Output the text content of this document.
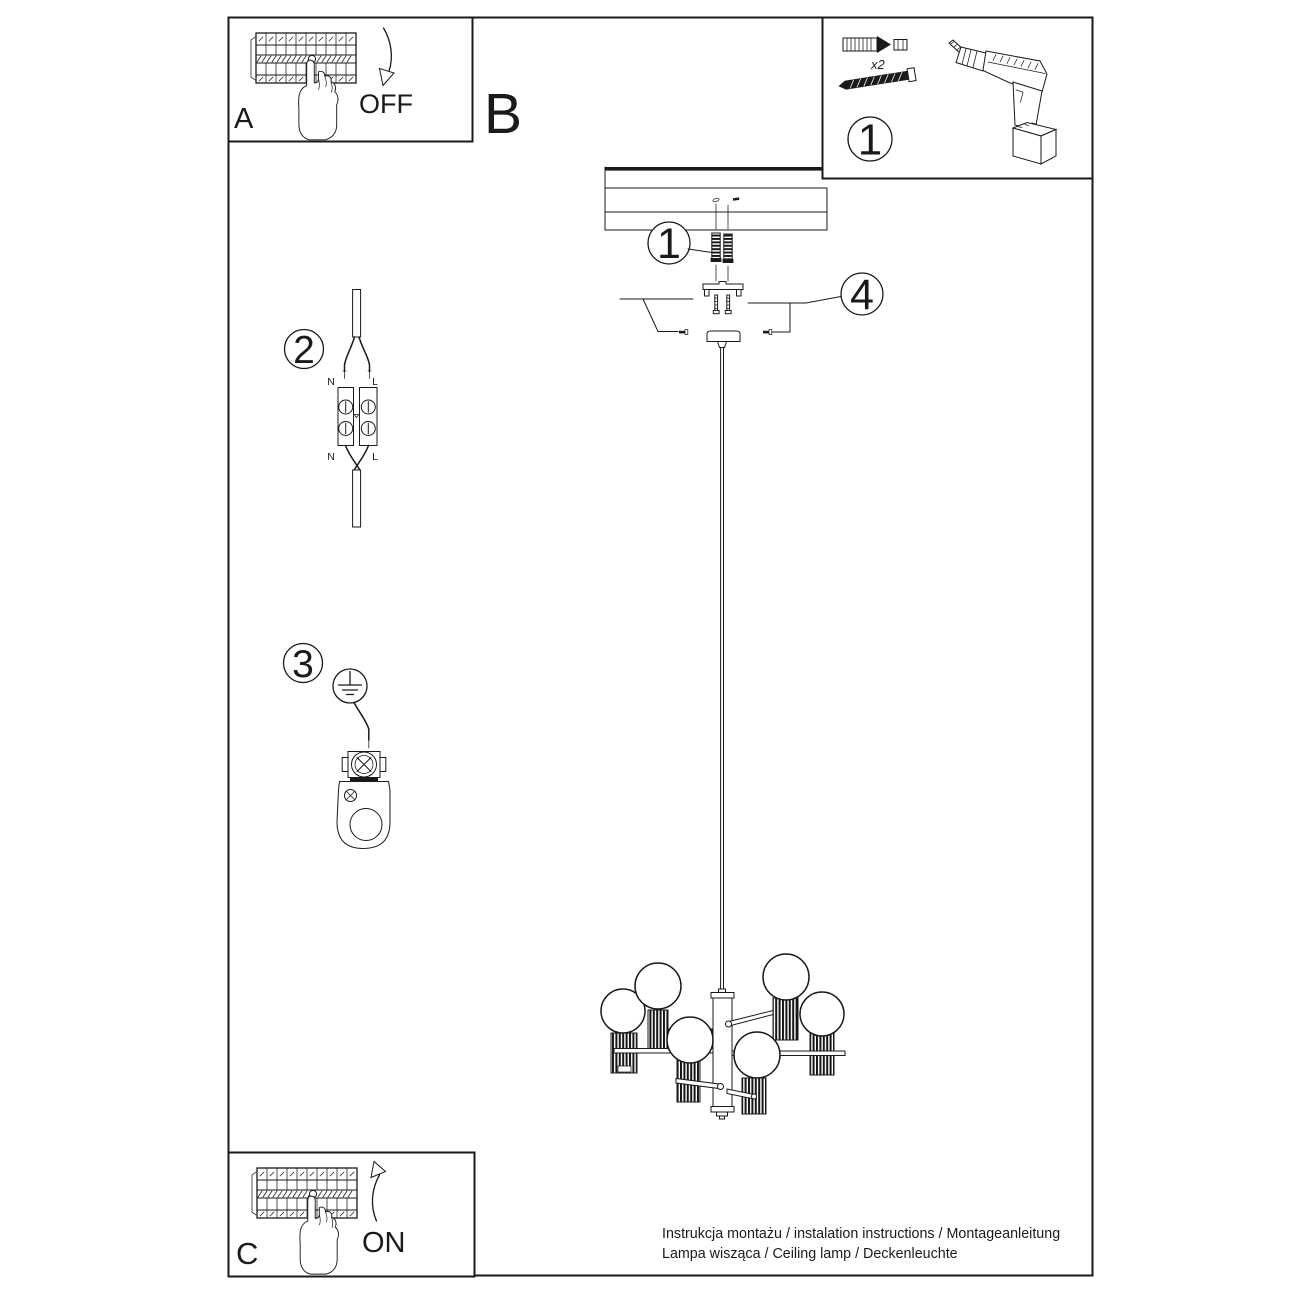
A	OFF B
x2
1
1
4
2
N	L
N	L
3
C	ON	Instrukcja montażu / instalation instructions / Montageanleitung
Lampa wisząca / Ceiling lamp / Deckenleuchte
